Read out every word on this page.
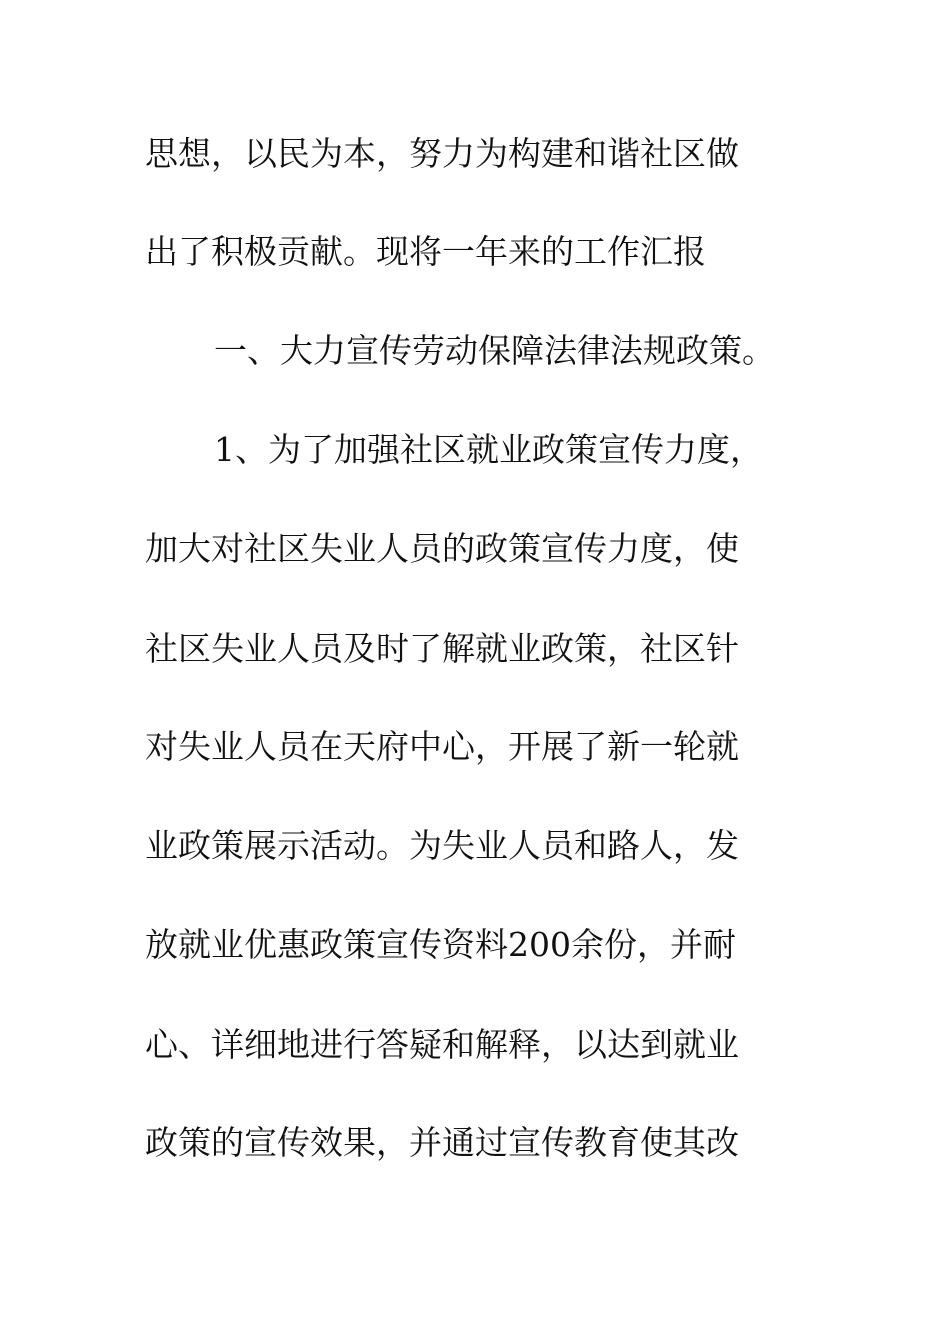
思想，以民为本，努力为构建和谐社区做
出了积极贡献。现将一年来的工作汇报
一、大力宣传劳动保障法律法规政策。
1、为了加强社区就业政策宣传力度，
加大对社区失业人员的政策宣传力度，使
社区失业人员及时了解就业政策，社区针
对失业人员在天府中心，开展了新一轮就
业政策展示活动。为失业人员和路人，发
放就业优惠政策宣传资料200余份，并耐
心、详细地进行答疑和解释，以达到就业
政策的宣传效果，并通过宣传教育使其改
